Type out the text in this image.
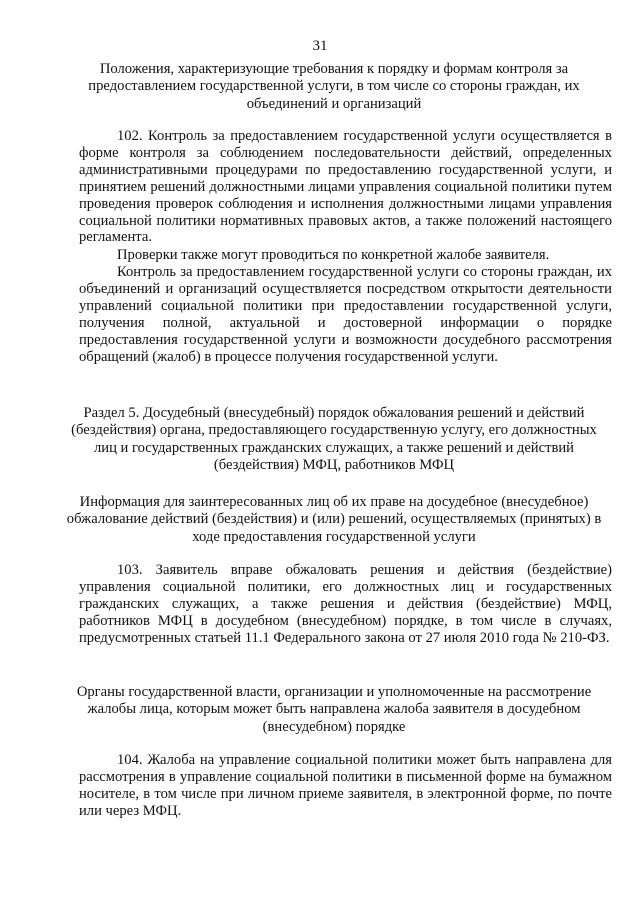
31
Положения, характеризующие требования к порядку и формам контроля за предоставлением государственной услуги, в том числе со стороны граждан, их объединений и организаций
102. Контроль за предоставлением государственной услуги осуществляется в форме контроля за соблюдением последовательности действий, определенных административными процедурами по предоставлению государственной услуги, и принятием решений должностными лицами управления социальной политики путем проведения проверок соблюдения и исполнения должностными лицами управления социальной политики нормативных правовых актов, а также положений настоящего регламента.
Проверки также могут проводиться по конкретной жалобе заявителя.
Контроль за предоставлением государственной услуги со стороны граждан, их объединений и организаций осуществляется посредством открытости деятельности управлений социальной политики при предоставлении государственной услуги, получения полной, актуальной и достоверной информации о порядке предоставления государственной услуги и возможности досудебного рассмотрения обращений (жалоб) в процессе получения государственной услуги.
Раздел 5. Досудебный (внесудебный) порядок обжалования решений и действий (бездействия) органа, предоставляющего государственную услугу, его должностных лиц и государственных гражданских служащих, а также решений и действий (бездействия) МФЦ, работников МФЦ
Информация для заинтересованных лиц об их праве на досудебное (внесудебное) обжалование действий (бездействия) и (или) решений, осуществляемых (принятых) в ходе предоставления государственной услуги
103. Заявитель вправе обжаловать решения и действия (бездействие) управления социальной политики, его должностных лиц и государственных гражданских служащих, а также решения и действия (бездействие) МФЦ, работников МФЦ в досудебном (внесудебном) порядке, в том числе в случаях, предусмотренных статьей 11.1 Федерального закона от 27 июля 2010 года № 210-ФЗ.
Органы государственной власти, организации и уполномоченные на рассмотрение жалобы лица, которым может быть направлена жалоба заявителя в досудебном (внесудебном) порядке
104. Жалоба на управление социальной политики может быть направлена для рассмотрения в управление социальной политики в письменной форме на бумажном носителе, в том числе при личном приеме заявителя, в электронной форме, по почте или через МФЦ.
